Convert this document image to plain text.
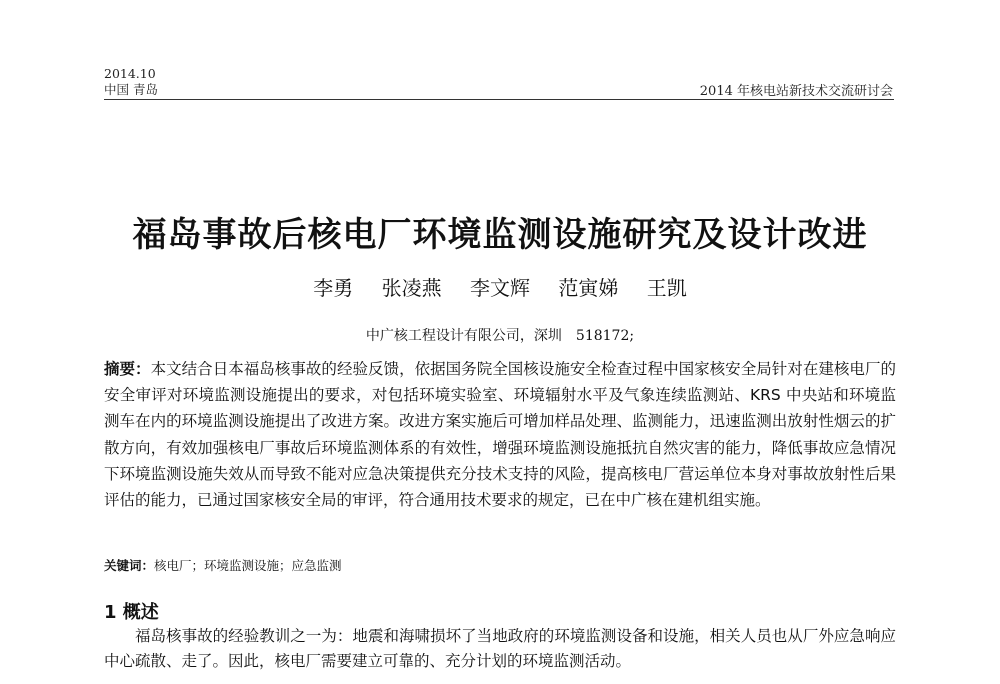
2014.10
中国 青岛	2014 年核电站新技术交流研讨会
福岛事故后核电厂环境监测设施研究及设计改进
李勇 张凌燕 李文辉 范寅娣 王凯
中广核工程设计有限公司，深圳　518172;
摘要：本文结合日本福岛核事故的经验反馈，依据国务院全国核设施安全检查过程中国家核安全局针对在建核电厂的安全审评对环境监测设施提出的要求，对包括环境实验室、环境辐射水平及气象连续监测站、KRS 中央站和环境监测车在内的环境监测设施提出了改进方案。改进方案实施后可增加样品处理、监测能力，迅速监测出放射性烟云的扩散方向，有效加强核电厂事故后环境监测体系的有效性，增强环境监测设施抵抗自然灾害的能力，降低事故应急情况下环境监测设施失效从而导致不能对应急决策提供充分技术支持的风险，提高核电厂营运单位本身对事故放射性后果评估的能力，已通过国家核安全局的审评，符合通用技术要求的规定，已在中广核在建机组实施。
关键词：核电厂；环境监测设施；应急监测
1 概述
福岛核事故的经验教训之一为：地震和海啸损坏了当地政府的环境监测设备和设施，相关人员也从厂外应急响应中心疏散、走了。因此，核电厂需要建立可靠的、充分计划的环境监测活动。
